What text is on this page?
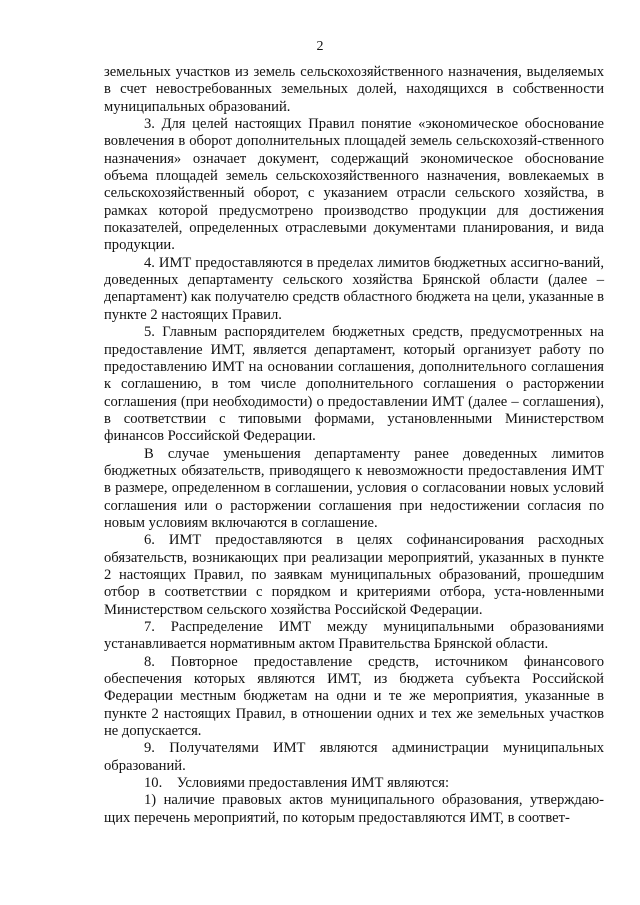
2

земельных участков из земель сельскохозяйственного назначения, выделяемых в счет невостребованных земельных долей, находящихся в собственности муниципальных образований.

3. Для целей настоящих Правил понятие «экономическое обоснование вовлечения в оборот дополнительных площадей земель сельскохозяй-ственного назначения» означает документ, содержащий экономическое обоснование объема площадей земель сельскохозяйственного назначения, вовлекаемых в сельскохозяйственный оборот, с указанием отрасли сельского хозяйства, в рамках которой предусмотрено производство продукции для достижения показателей, определенных отраслевыми документами планирования, и вида продукции.

4. ИМТ предоставляются в пределах лимитов бюджетных ассигно-ваний, доведенных департаменту сельского хозяйства Брянской области (далее – департамент) как получателю средств областного бюджета на цели, указанные в пункте 2 настоящих Правил.

5. Главным распорядителем бюджетных средств, предусмотренных на предоставление ИМТ, является департамент, который организует работу по предоставлению ИМТ на основании соглашения, дополнительного соглашения к соглашению, в том числе дополнительного соглашения о расторжении соглашения (при необходимости) о предоставлении ИМТ (далее – соглашения), в соответствии с типовыми формами, установленными Министерством финансов Российской Федерации.

В случае уменьшения департаменту ранее доведенных лимитов бюджетных обязательств, приводящего к невозможности предоставления ИМТ в размере, определенном в соглашении, условия о согласовании новых условий соглашения или о расторжении соглашения при недостижении согласия по новым условиям включаются в соглашение.

6. ИМТ предоставляются в целях софинансирования расходных обязательств, возникающих при реализации мероприятий, указанных в пункте 2 настоящих Правил, по заявкам муниципальных образований, прошедшим отбор в соответствии с порядком и критериями отбора, уста-новленными Министерством сельского хозяйства Российской Федерации.

7. Распределение ИМТ между муниципальными образованиями устанавливается нормативным актом Правительства Брянской области.

8. Повторное предоставление средств, источником финансового обеспечения которых являются ИМТ, из бюджета субъекта Российской Федерации местным бюджетам на одни и те же мероприятия, указанные в пункте 2 настоящих Правил, в отношении одних и тех же земельных участков не допускается.

9. Получателями ИМТ являются администрации муниципальных образований.

10.    Условиями предоставления ИМТ являются:

1) наличие правовых актов муниципального образования, утверждаю-щих перечень мероприятий, по которым предоставляются ИМТ, в соответ-
